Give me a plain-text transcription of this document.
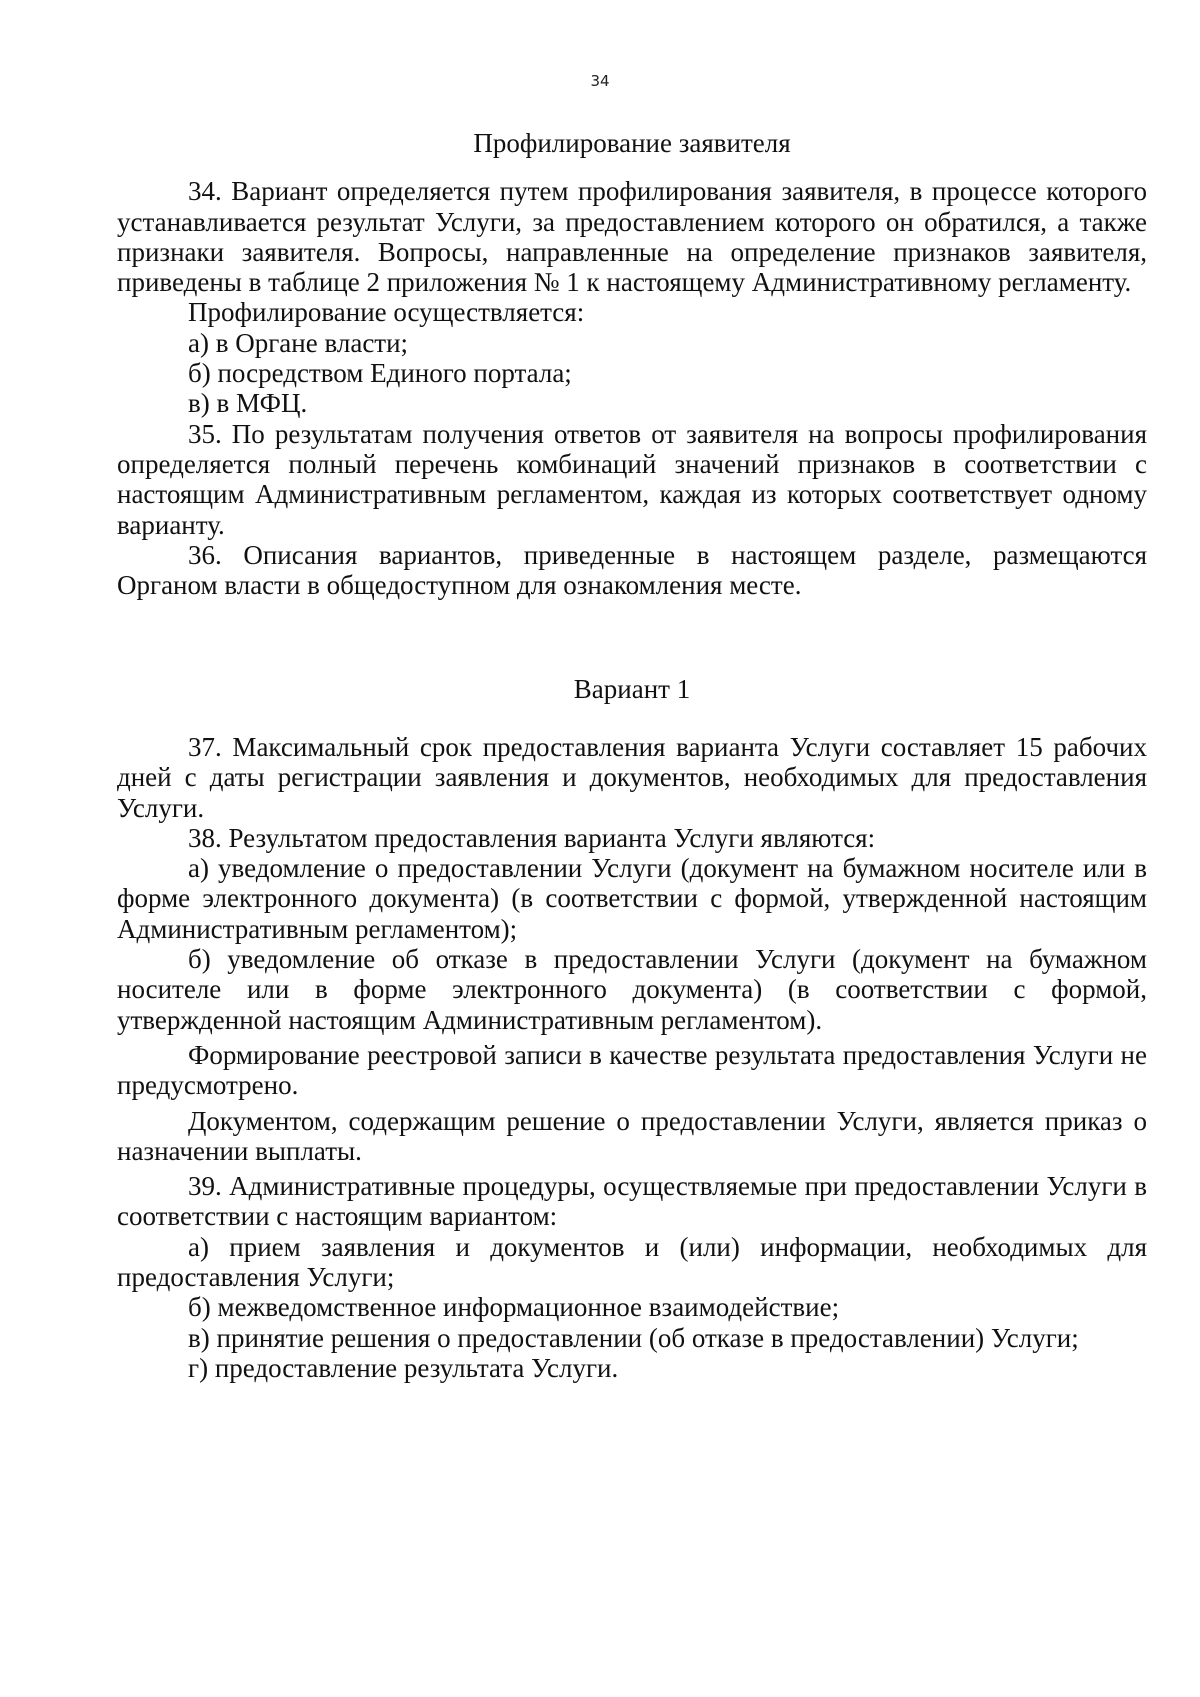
34

Профилирование заявителя

34. Вариант определяется путем профилирования заявителя, в процессе которого устанавливается результат Услуги, за предоставлением которого он обратился, а также признаки заявителя. Вопросы, направленные на определение признаков заявителя, приведены в таблице 2 приложения № 1 к настоящему Административному регламенту.

Профилирование осуществляется:

а) в Органе власти;

б) посредством Единого портала;

в) в МФЦ.

35. По результатам получения ответов от заявителя на вопросы профилирования определяется полный перечень комбинаций значений признаков в соответствии с настоящим Административным регламентом, каждая из которых соответствует одному варианту.

36. Описания вариантов, приведенные в настоящем разделе, размещаются Органом власти в общедоступном для ознакомления месте.

Вариант 1

37. Максимальный срок предоставления варианта Услуги составляет 15 рабочих дней с даты регистрации заявления и документов, необходимых для предоставления Услуги.

38. Результатом предоставления варианта Услуги являются:

а) уведомление о предоставлении Услуги (документ на бумажном носителе или в форме электронного документа) (в соответствии с формой, утвержденной настоящим Административным регламентом);

б) уведомление об отказе в предоставлении Услуги (документ на бумажном носителе или в форме электронного документа) (в соответствии с формой, утвержденной настоящим Административным регламентом).

Формирование реестровой записи в качестве результата предоставления Услуги не предусмотрено.

Документом, содержащим решение о предоставлении Услуги, является приказ о назначении выплаты.

39. Административные процедуры, осуществляемые при предоставлении Услуги в соответствии с настоящим вариантом:

а) прием заявления и документов и (или) информации, необходимых для предоставления Услуги;

б) межведомственное информационное взаимодействие;

в) принятие решения о предоставлении (об отказе в предоставлении) Услуги;

г) предоставление результата Услуги.
